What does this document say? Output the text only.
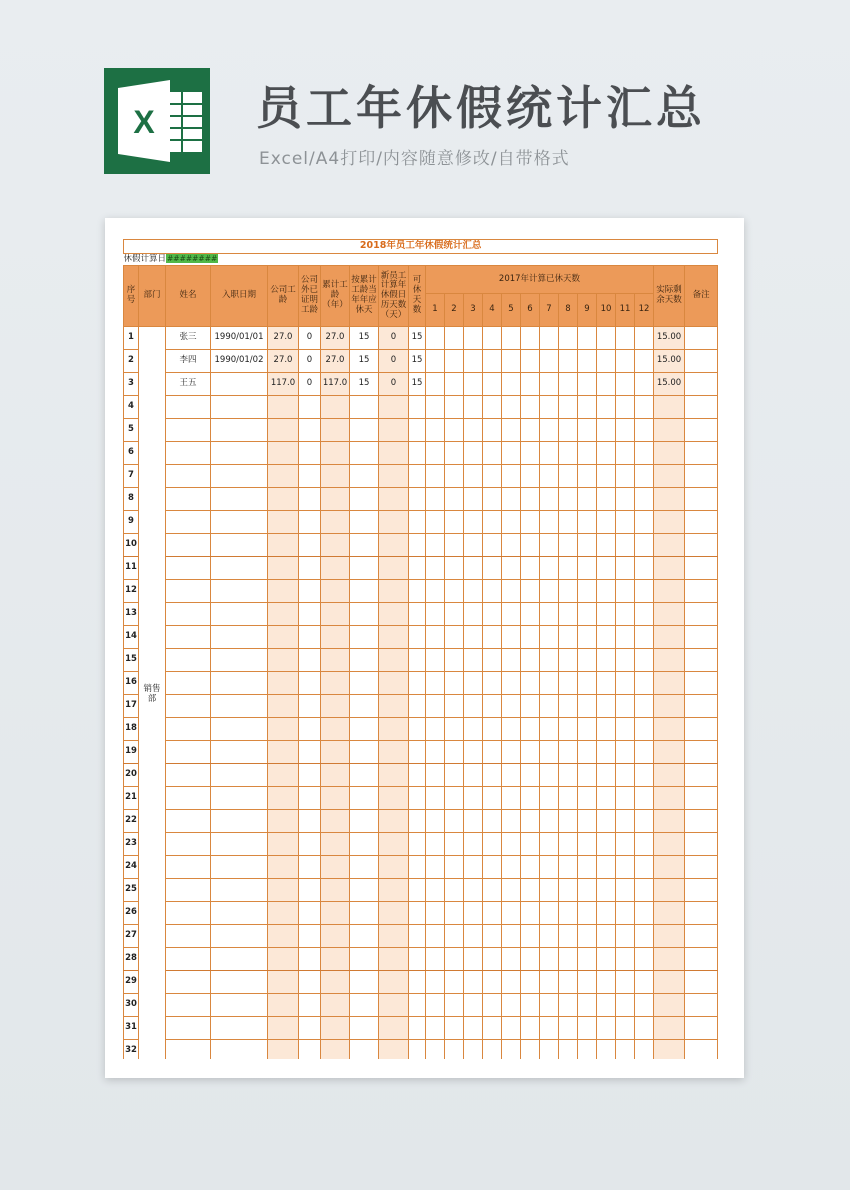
X 员工年休假统计汇总
Excel/A4打印/内容随意修改/自带格式
2018年员工年休假统计汇总																							
休假计算日########																							
序号	部门	姓名	入职日期	公司工龄	公司外已证明工龄	累计工龄（年）	按累计工龄当年年应休天	新员工计算年休假日历天数（天）	可休天数	2017年计算已休天数												实际剩余天数	备注
										1	2	3	4	5	6	7	8	9	10	11	12		
1	销售部	张三	1990/01/01	27.0	0	27.0	15	0	15													15.00	
2		李四	1990/01/02	27.0	0	27.0	15	0	15													15.00	
3		王五		117.0	0	117.0	15	0	15													15.00	
4																							
5																							
6																							
7																							
8																							
9																							
10																							
11																							
12																							
13																							
14																							
15																							
16																							
17																							
18																							
19																							
20																							
21																							
22																							
23																							
24																							
25																							
26																							
27																							
28																							
29																							
30																							
31																							
32																							
